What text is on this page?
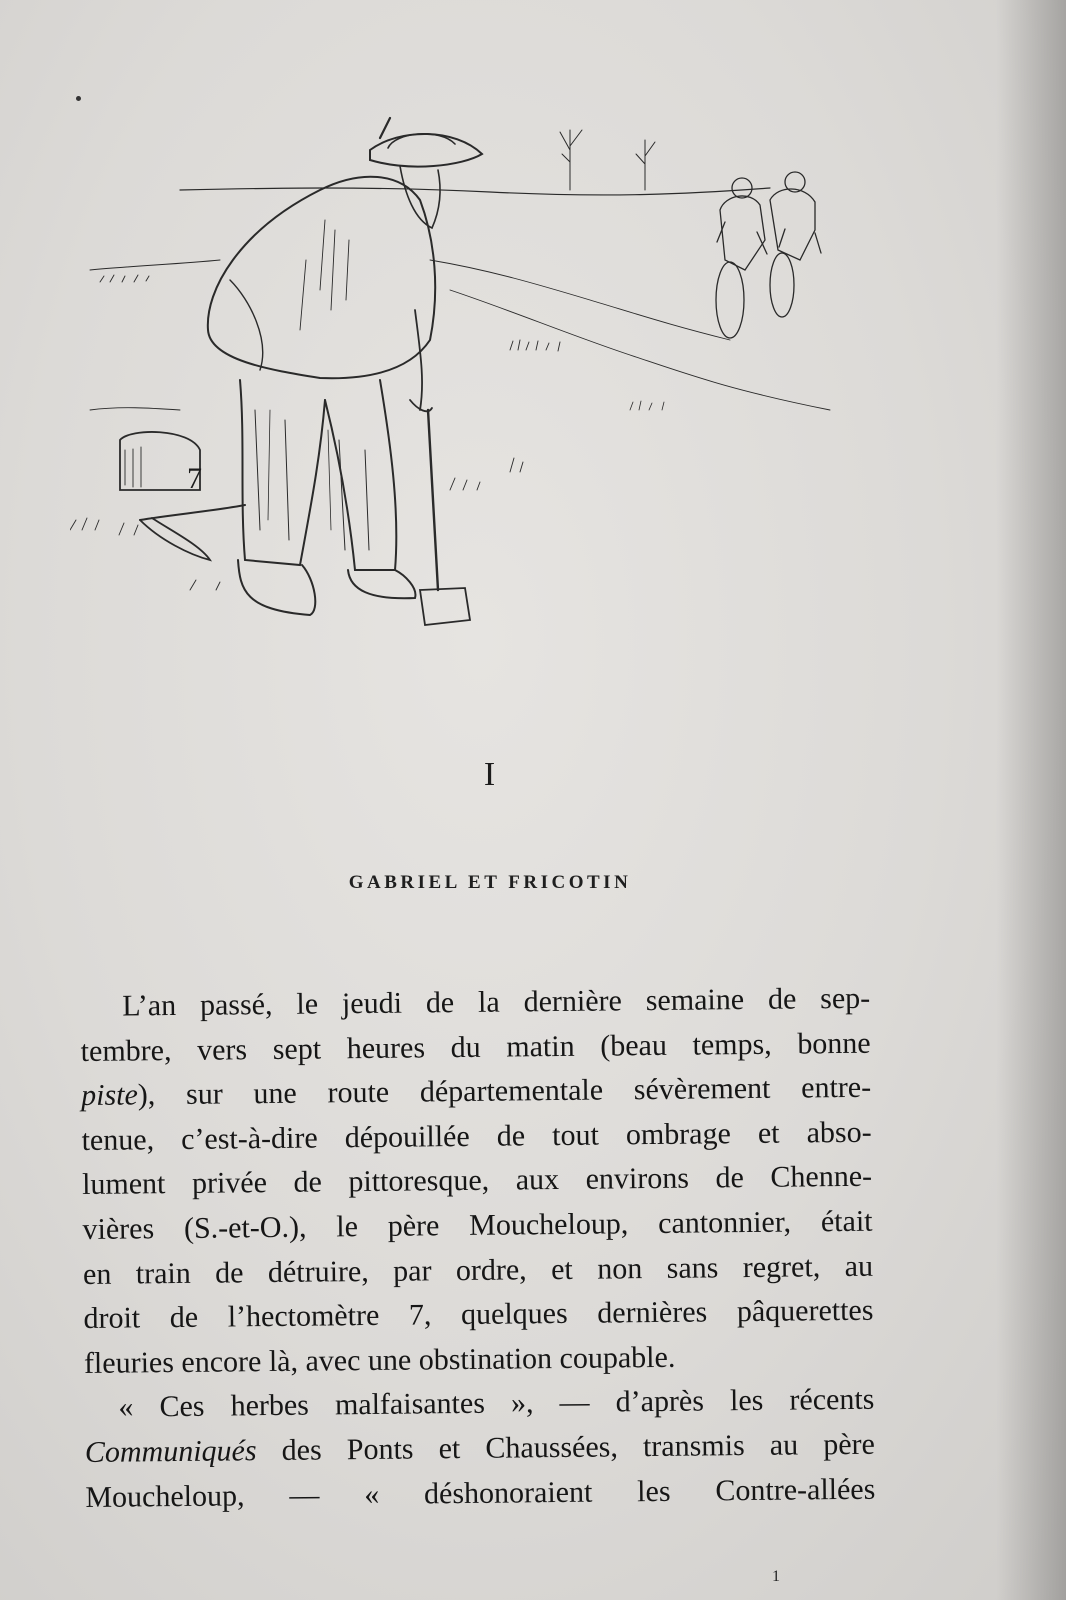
7
I
GABRIEL ET FRICOTIN
L’an passé, le jeudi de la dernière semaine de sep-
tembre, vers sept heures du matin (beau temps, bonne
piste), sur une route départementale sévèrement entre-
tenue, c’est-à-dire dépouillée de tout ombrage et abso-
lument privée de pittoresque, aux environs de Chenne-
vières (S.-et-O.), le père Moucheloup, cantonnier, était
en train de détruire, par ordre, et non sans regret, au
droit de l’hectomètre 7, quelques dernières pâquerettes
fleuries encore là, avec une obstination coupable.
« Ces herbes malfaisantes », — d’après les récents
Communiqués des Ponts et Chaussées, transmis au père
Moucheloup, — « déshonoraient les Contre-allées
1
